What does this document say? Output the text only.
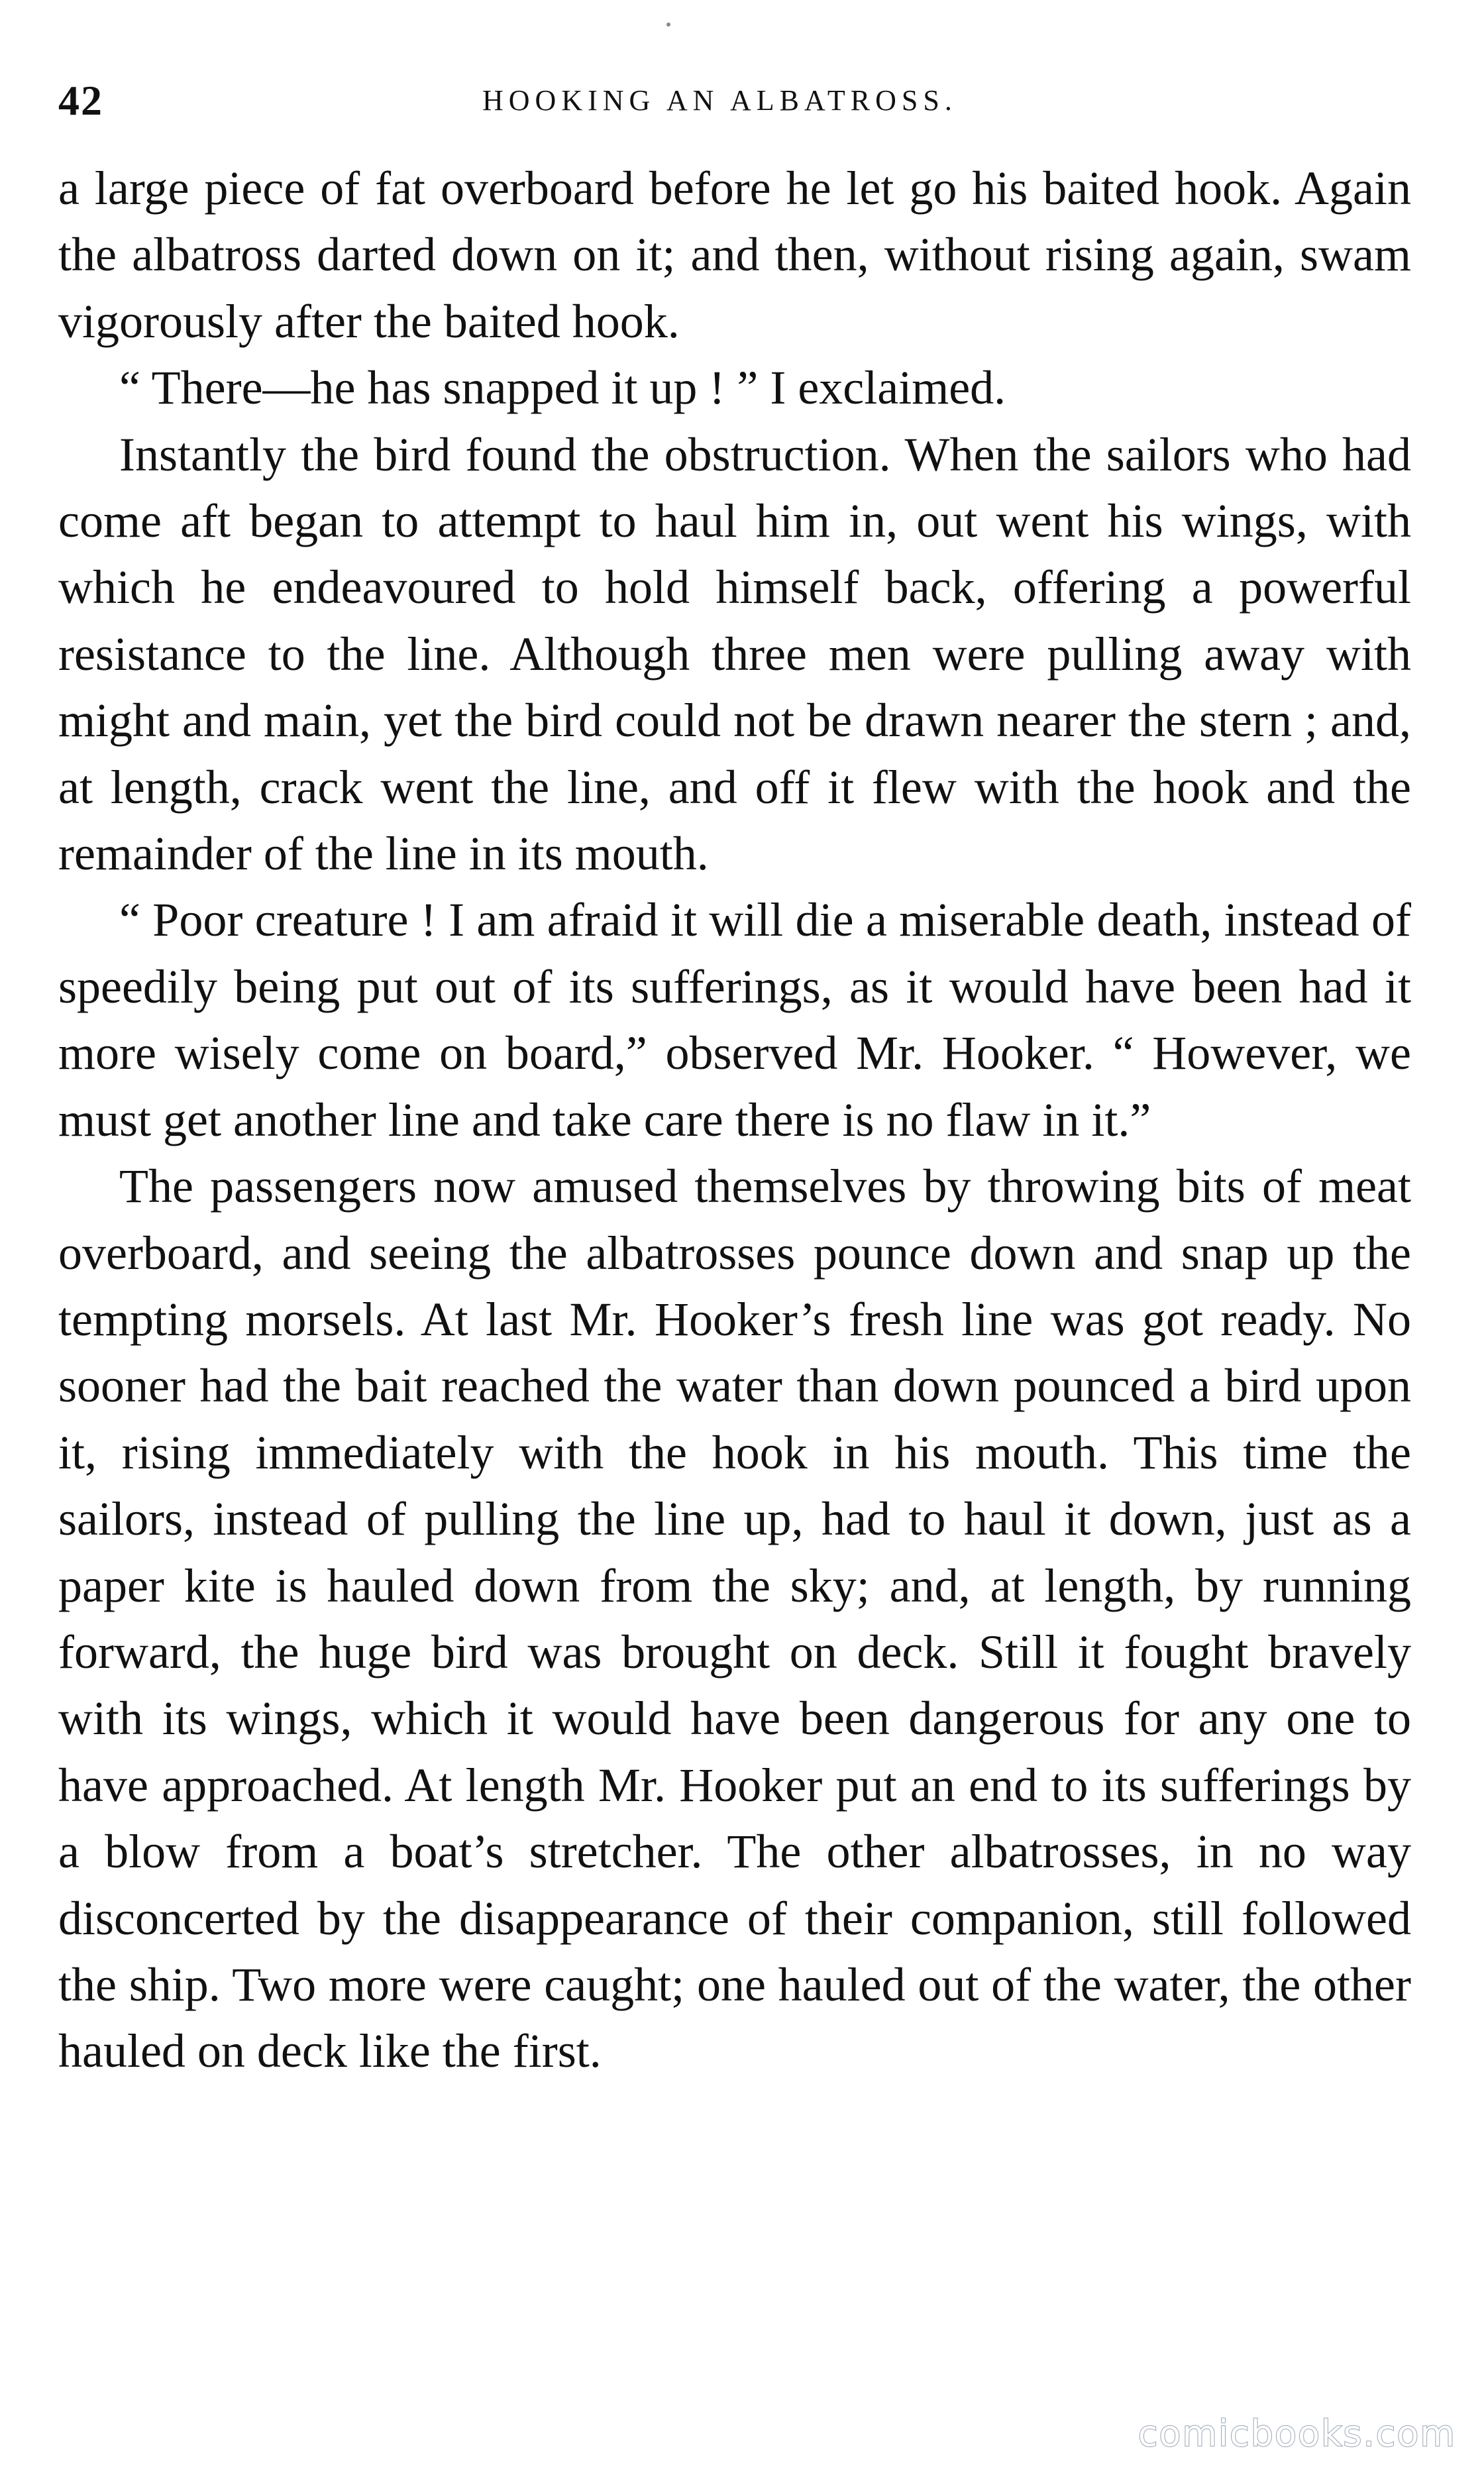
42	HOOKING AN ALBATROSS.

a large piece of fat overboard before he let go his baited hook. Again the albatross darted down on it; and then, without rising again, swam vigorously after the baited hook.

“ There—he has snapped it up ! ” I exclaimed.

Instantly the bird found the obstruction. When the sailors who had come aft began to attempt to haul him in, out went his wings, with which he endeavoured to hold himself back, offering a powerful resistance to the line. Although three men were pulling away with might and main, yet the bird could not be drawn nearer the stern ; and, at length, crack went the line, and off it flew with the hook and the remainder of the line in its mouth.

“ Poor creature ! I am afraid it will die a miserable death, instead of speedily being put out of its sufferings, as it would have been had it more wisely come on board,” observed Mr. Hooker. “ However, we must get another line and take care there is no flaw in it.”

The passengers now amused themselves by throwing bits of meat overboard, and seeing the albatrosses pounce down and snap up the tempting morsels. At last Mr. Hooker’s fresh line was got ready. No sooner had the bait reached the water than down pounced a bird upon it, rising immediately with the hook in his mouth. This time the sailors, instead of pulling the line up, had to haul it down, just as a paper kite is hauled down from the sky; and, at length, by running forward, the huge bird was brought on deck. Still it fought bravely with its wings, which it would have been dangerous for any one to have approached. At length Mr. Hooker put an end to its sufferings by a blow from a boat’s stretcher. The other albatrosses, in no way disconcerted by the disappearance of their companion, still followed the ship. Two more were caught; one hauled out of the water, the other hauled on deck like the first.

comicbooks.com
